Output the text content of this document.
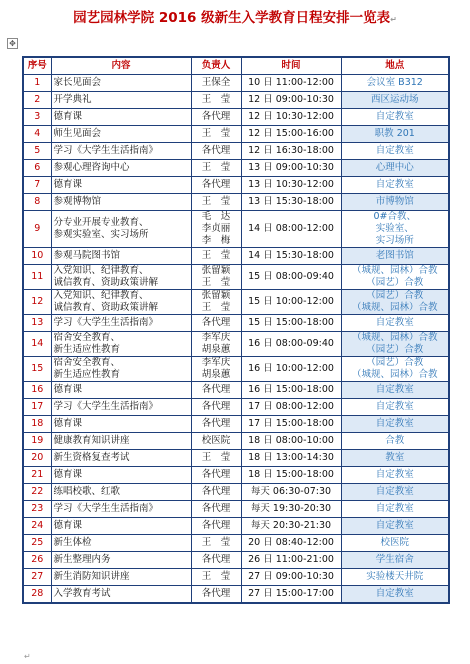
园艺园林学院 2016 级新生入学教育日程安排一览表↵
✥
序号	内容	负责人	时间	地点
1	家长见面会	王保全	10 日 11:00-12:00	会议室 B312

2	开学典礼	王　莹	12 日 09:00-10:30	西区运动场

3	德育课	各代理	12 日 10:30-12:00	自定教室

4	师生见面会	王　莹	12 日 15:00-16:00	职教 201

5	学习《大学生生活指南》	各代理	12 日 16:30-18:00	自定教室

6	参观心理咨询中心	王　莹	13 日 09:00-10:30	心理中心

7	德育课	各代理	13 日 10:30-12:00	自定教室

8	参观博物馆	王　莹	13 日 15:30-18:00	市博物馆

9	分专业开展专业教育、
参观实验室、实习场所	毛　达
李贞丽
李　梅	14 日 08:00-12:00	0#合教、
实验室、
实习场所

10	参观马院图书馆	王　莹	14 日 15:30-18:00	老图书馆

11	入党知识、纪律教育、
诚信教育、资助政策讲解	张留颖
王　莹	15 日 08:00-09:40	（城规、园林）合教
（园艺）合教

12	入党知识、纪律教育、
诚信教育、资助政策讲解	张留颖
王　莹	15 日 10:00-12:00	（园艺）合教
（城规、园林）合教

13	学习《大学生生活指南》	各代理	15 日 15:00-18:00	自定教室

14	宿舍安全教育、
新生适应性教育	李军庆
胡泉蕙	16 日 08:00-09:40	（城规、园林）合教
（园艺）合教

15	宿舍安全教育、
新生适应性教育	李军庆
胡泉蕙	16 日 10:00-12:00	（园艺）合教
（城规、园林）合教

16	德育课	各代理	16 日 15:00-18:00	自定教室

17	学习《大学生生活指南》	各代理	17 日 08:00-12:00	自定教室

18	德育课	各代理	17 日 15:00-18:00	自定教室

19	健康教育知识讲座	校医院	18 日 08:00-10:00	合教

20	新生资格复查考试	王　莹	18 日 13:00-14:30	教室

21	德育课	各代理	18 日 15:00-18:00	自定教室

22	练唱校歌、红歌	各代理	每天 06:30-07:30	自定教室

23	学习《大学生生活指南》	各代理	每天 19:30-20:30	自定教室

24	德育课	各代理	每天 20:30-21:30	自定教室

25	新生体检	王　莹	20 日 08:40-12:00	校医院

26	新生整理内务	各代理	26 日 11:00-21:00	学生宿舍

27	新生消防知识讲座	王　莹	27 日 09:00-10:30	实验楼天井院

28	入学教育考试	各代理	27 日 15:00-17:00	自定教室
↵
